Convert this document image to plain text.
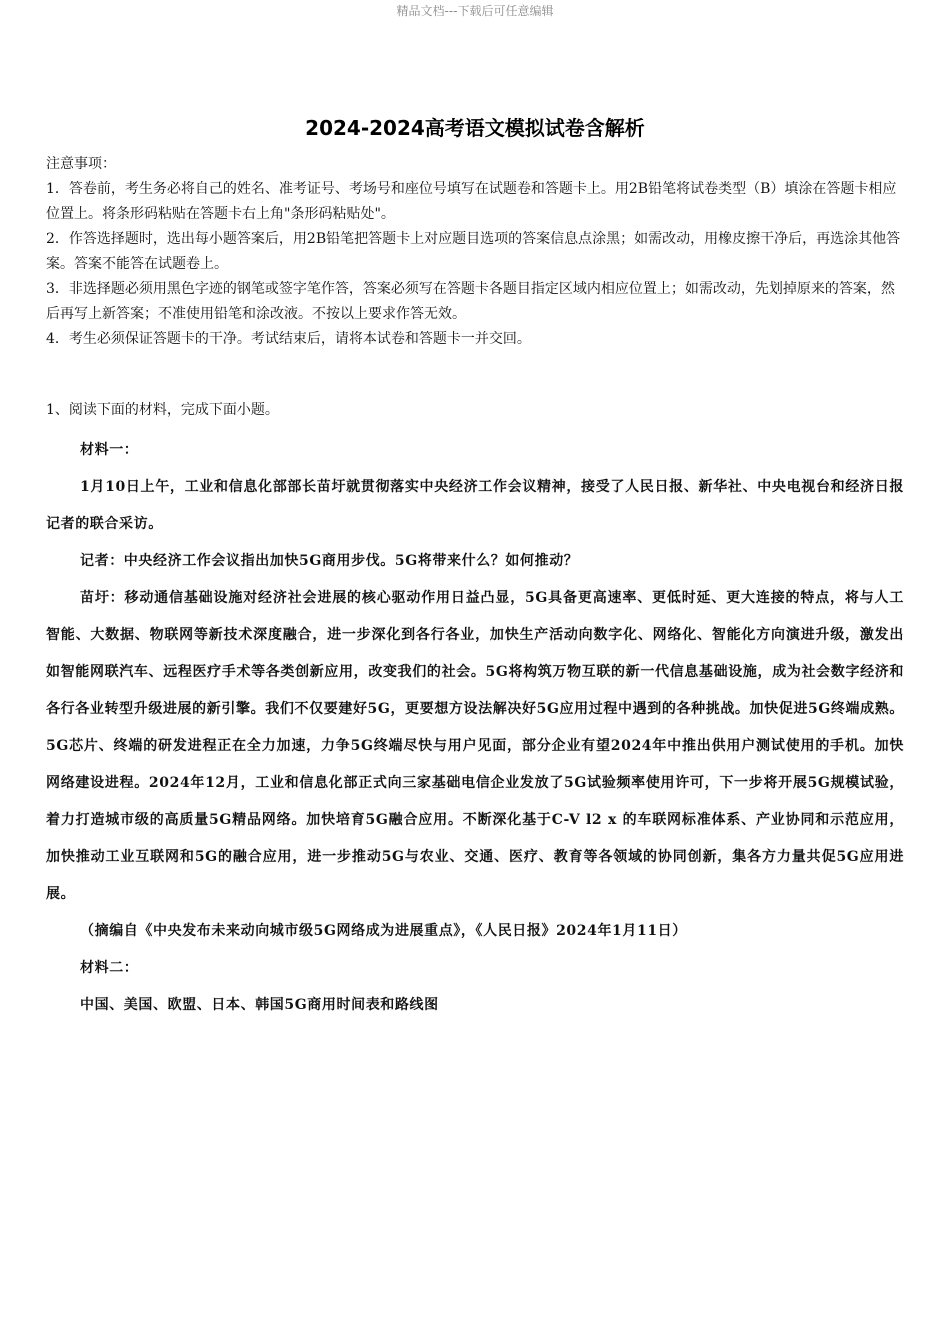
精品文档---下载后可任意编辑
2024-2024高考语文模拟试卷含解析

注意事项：

1．答卷前，考生务必将自己的姓名、准考证号、考场号和座位号填写在试题卷和答题卡上。用2B铅笔将试卷类型（B）填涂在答题卡相应位置上。将条形码粘贴在答题卡右上角"条形码粘贴处"。

2．作答选择题时，选出每小题答案后，用2B铅笔把答题卡上对应题目选项的答案信息点涂黑；如需改动，用橡皮擦干净后，再选涂其他答案。答案不能答在试题卷上。

3．非选择题必须用黑色字迹的钢笔或签字笔作答，答案必须写在答题卡各题目指定区域内相应位置上；如需改动，先划掉原来的答案，然后再写上新答案；不准使用铅笔和涂改液。不按以上要求作答无效。

4．考生必须保证答题卡的干净。考试结束后，请将本试卷和答题卡一并交回。

1、阅读下面的材料，完成下面小题。

材料一：

1月10日上午，工业和信息化部部长苗圩就贯彻落实中央经济工作会议精神，接受了人民日报、新华社、中央电视台和经济日报记者的联合采访。

记者：中央经济工作会议指出加快5G商用步伐。5G将带来什么？如何推动？

苗圩：移动通信基础设施对经济社会进展的核心驱动作用日益凸显，5G具备更高速率、更低时延、更大连接的特点，将与人工智能、大数据、物联网等新技术深度融合，进一步深化到各行各业，加快生产活动向数字化、网络化、智能化方向演进升级，激发出如智能网联汽车、远程医疗手术等各类创新应用，改变我们的社会。5G将构筑万物互联的新一代信息基础设施，成为社会数字经济和各行各业转型升级进展的新引擎。我们不仅要建好5G，更要想方设法解决好5G应用过程中遇到的各种挑战。加快促进5G终端成熟。5G芯片、终端的研发进程正在全力加速，力争5G终端尽快与用户见面，部分企业有望2024年中推出供用户测试使用的手机。加快网络建设进程。2024年12月，工业和信息化部正式向三家基础电信企业发放了5G试验频率使用许可，下一步将开展5G规模试验，着力打造城市级的高质量5G精品网络。加快培育5G融合应用。不断深化基于C-V l2 x 的车联网标准体系、产业协同和示范应用，加快推动工业互联网和5G的融合应用，进一步推动5G与农业、交通、医疗、教育等各领域的协同创新，集各方力量共促5G应用进展。

（摘编自《中央发布未来动向城市级5G网络成为进展重点》，《人民日报》2024年1月11日）

材料二：

中国、美国、欧盟、日本、韩国5G商用时间表和路线图
